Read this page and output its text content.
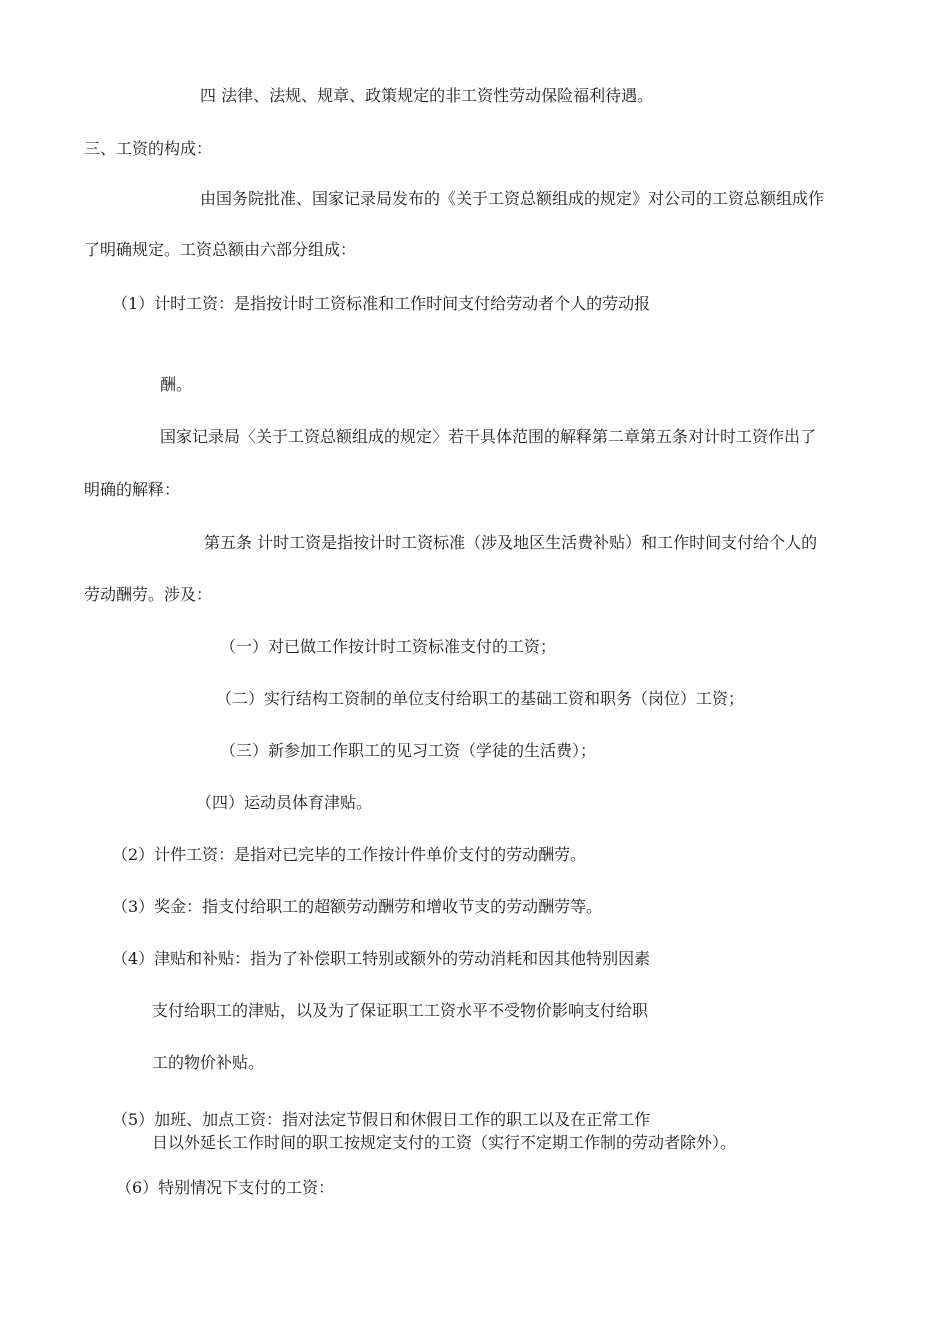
四 法律、法规、规章、政策规定的非工资性劳动保险福利待遇。

三、工资的构成：

由国务院批准、国家记录局发布的《关于工资总额组成的规定》对公司的工资总额组成作

了明确规定。工资总额由六部分组成：

（1）计时工资：是指按计时工资标准和工作时间支付给劳动者个人的劳动报

酬。

国家记录局〈关于工资总额组成的规定〉若干具体范围的解释第二章第五条对计时工资作出了

明确的解释：

第五条 计时工资是指按计时工资标准（涉及地区生活费补贴）和工作时间支付给个人的

劳动酬劳。涉及：

（一）对已做工作按计时工资标准支付的工资；

（二）实行结构工资制的单位支付给职工的基础工资和职务（岗位）工资；

（三）新参加工作职工的见习工资（学徒的生活费）；

（四）运动员体育津贴。

（2）计件工资：是指对已完毕的工作按计件单价支付的劳动酬劳。

（3）奖金：指支付给职工的超额劳动酬劳和增收节支的劳动酬劳等。

（4）津贴和补贴：指为了补偿职工特别或额外的劳动消耗和因其他特别因素

支付给职工的津贴，以及为了保证职工工资水平不受物价影响支付给职

工的物价补贴。

（5）加班、加点工资：指对法定节假日和休假日工作的职工以及在正常工作

日以外延长工作时间的职工按规定支付的工资（实行不定期工作制的劳动者除外）。

（6）特别情况下支付的工资：
